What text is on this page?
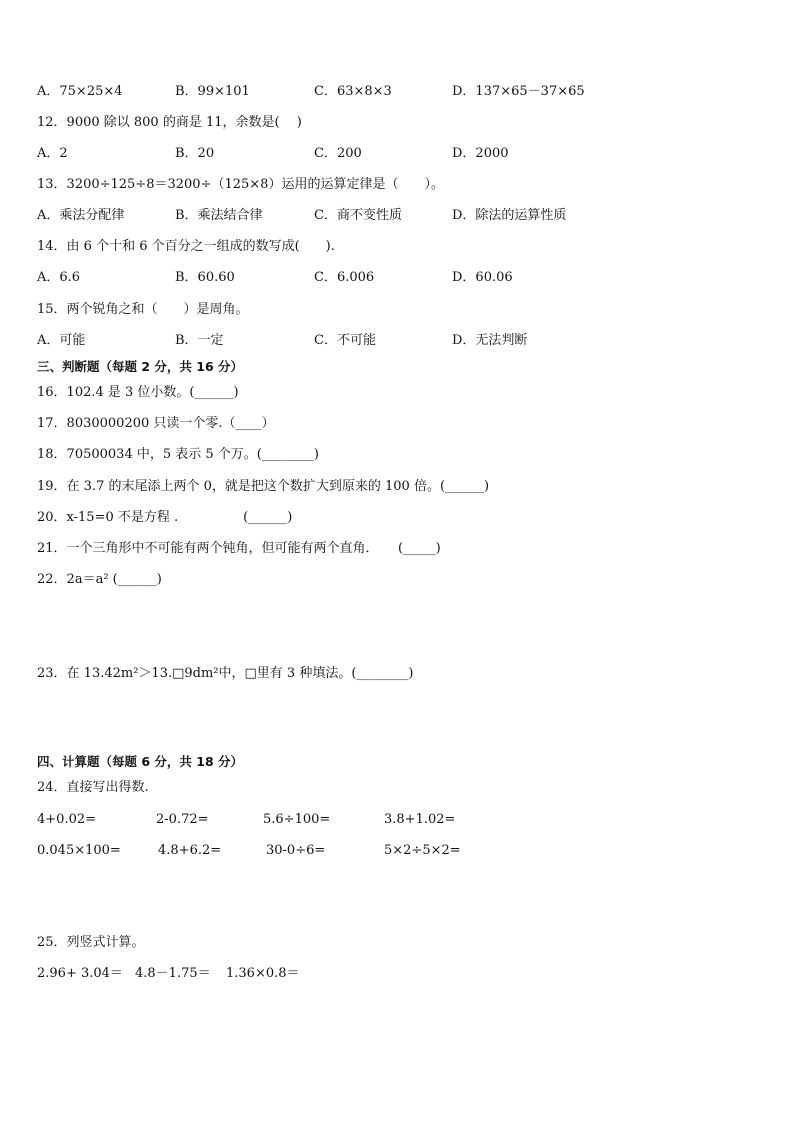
A．75×25×4	B．99×101	C．63×8×3	D．137×65－37×65
12．9000 除以 800 的商是 11，余数是(　 )
A．2	B．20	C．200	D．2000
13．3200÷125÷8＝3200÷（125×8）运用的运算定律是（　　）。
A．乘法分配律	B．乘法结合律	C．商不变性质	D．除法的运算性质
14．由 6 个十和 6 个百分之一组成的数写成(　　).
A．6.6	B．60.60	C．6.006	D．60.06
15．两个锐角之和（　　）是周角。
A．可能	B．一定	C．不可能	D．无法判断
三、判断题（每题 2 分，共 16 分）
16．102.4 是 3 位小数。(______)
17．8030000200 只读一个零.（____）
18．70500034 中，5 表示 5 个万。(________)
19．在 3.7 的末尾添上两个 0，就是把这个数扩大到原来的 100 倍。(______)
20．x-15=0 不是方程 .　　　　　(______)
21．一个三角形中不可能有两个钝角，但可能有两个直角．　　(_____)
22．2a＝a² (______)
23．在 13.42m²＞13.□9dm²中，□里有 3 种填法。(________)
四、计算题（每题 6 分，共 18 分）
24．直接写出得数.
4+0.02=	2-0.72=	5.6÷100=	3.8+1.02=
0.045×100=	4.8+6.2=	30-0÷6=	5×2÷5×2=
25．列竖式计算。
2.96+ 3.04＝ 4.8－1.75＝ 1.36×0.8＝
